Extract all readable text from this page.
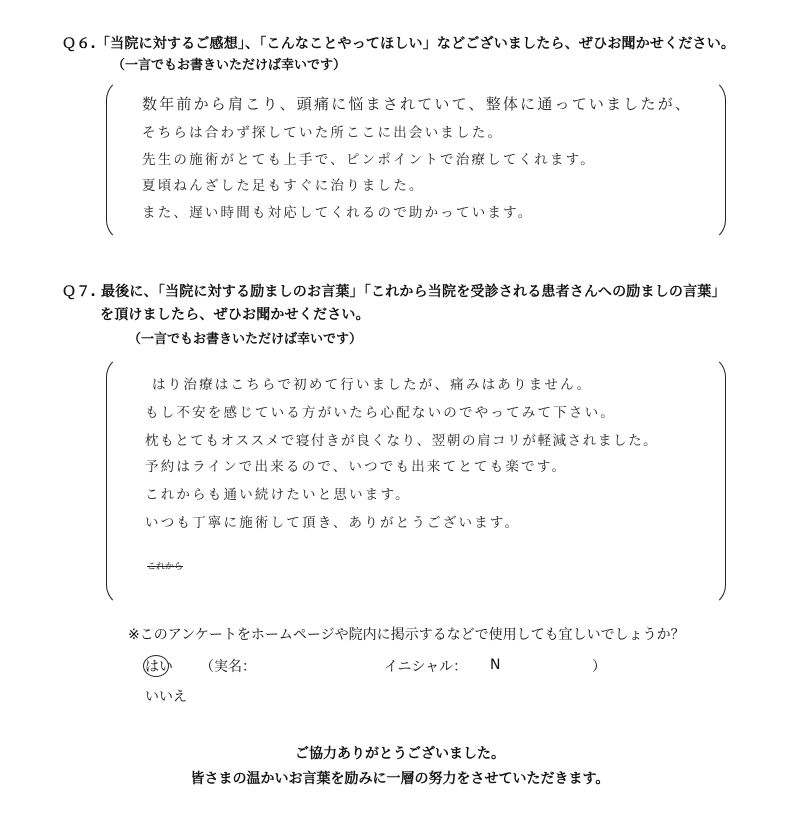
Ｑ６.「当院に対するご感想」、「こんなことやってほしい」などございましたら、ぜひお聞かせください。
（一言でもお書きいただけば幸いです）
数年前から肩こり、頭痛に悩まされていて、整体に通っていましたが、
そちらは合わず探していた所ここに出会いました。
先生の施術がとても上手で、ピンポイントで治療してくれます。
夏頃ねんざした足もすぐに治りました。
また、遅い時間も対応してくれるので助かっています。
Ｑ７. 最後に、「当院に対する励ましのお言葉」「これから当院を受診される患者さんへの励ましの言葉」
を頂けましたら、ぜひお聞かせください。
（一言でもお書きいただけば幸いです）
はり治療はこちらで初めて行いましたが、痛みはありません。
もし不安を感じている方がいたら心配ないのでやってみて下さい。
枕もとてもオススメで寝付きが良くなり、翌朝の肩コリが軽減されました。
予約はラインで出来るので、いつでも出来てとても楽です。
これからも通い続けたいと思います。
いつも丁寧に施術して頂き、ありがとうございます。
これから
※このアンケートをホームページや院内に掲示するなどで使用しても宜しいでしょうか？
はい （実名：	イニシャル： N	）
いいえ
ご協力ありがとうございました。
皆さまの温かいお言葉を励みに一層の努力をさせていただきます。
